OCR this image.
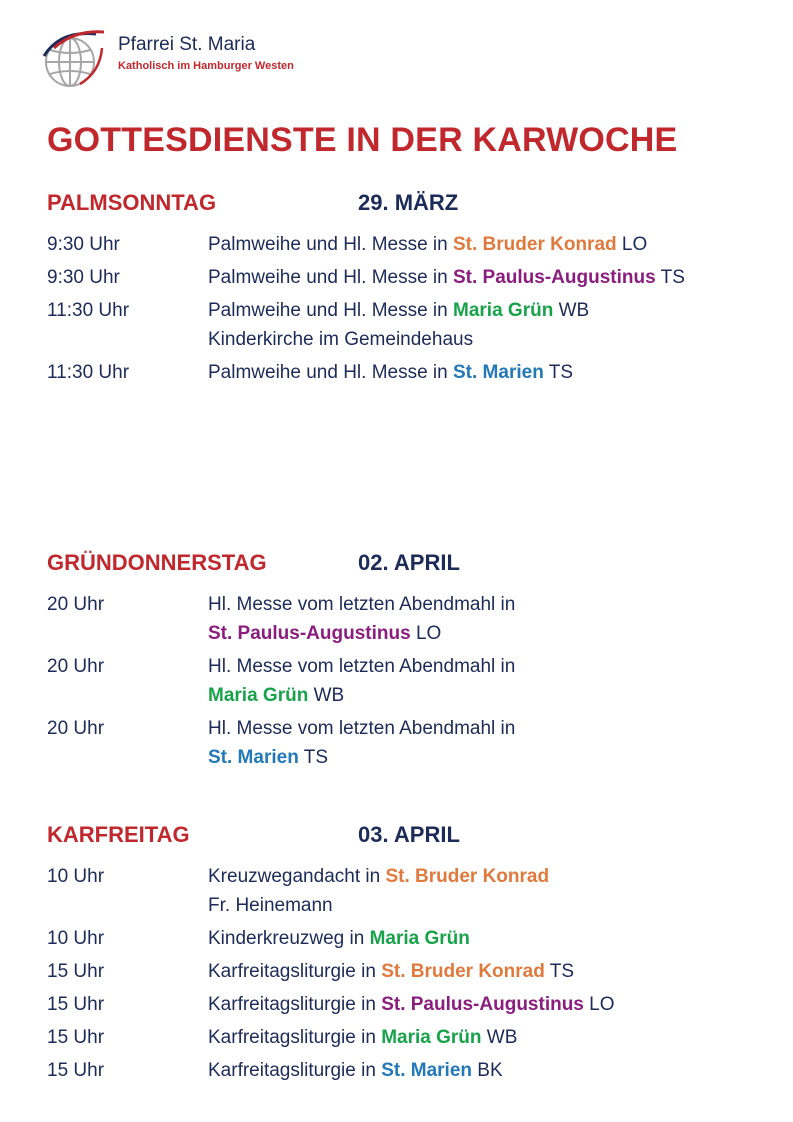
Pfarrei St. Maria
Katholisch im Hamburger Westen
GOTTESDIENSTE IN DER KARWOCHE
PALMSONNTAG	29. MÄRZ
9:30 Uhr	Palmweihe und Hl. Messe in St. Bruder Konrad LO
9:30 Uhr	Palmweihe und Hl. Messe in St. Paulus-Augustinus TS
11:30 Uhr	Palmweihe und Hl. Messe in Maria Grün WB
Kinderkirche im Gemeindehaus
11:30 Uhr	Palmweihe und Hl. Messe in St. Marien TS
GRÜNDONNERSTAG	02. APRIL
20 Uhr	Hl. Messe vom letzten Abendmahl in
St. Paulus-Augustinus LO
20 Uhr	Hl. Messe vom letzten Abendmahl in
Maria Grün WB
20 Uhr	Hl. Messe vom letzten Abendmahl in
St. Marien TS
KARFREITAG	03. APRIL
10 Uhr	Kreuzwegandacht in St. Bruder Konrad
Fr. Heinemann
10 Uhr	Kinderkreuzweg in Maria Grün
15 Uhr	Karfreitagsliturgie in St. Bruder Konrad TS
15 Uhr	Karfreitagsliturgie in St. Paulus-Augustinus LO
15 Uhr	Karfreitagsliturgie in Maria Grün WB
15 Uhr	Karfreitagsliturgie in St. Marien BK
